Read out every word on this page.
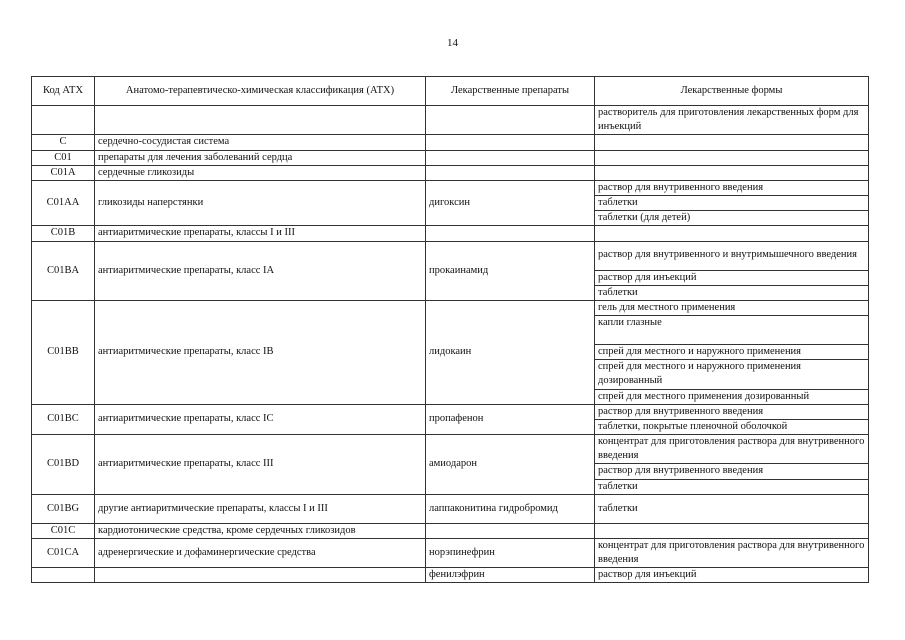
14
Код АТХ	Анатомо-терапевтическо-химическая классификация (АТХ)	Лекарственные препараты	Лекарственные формы
			растворитель для приготовления лекарственных форм для инъекций
C	сердечно-сосудистая система		
C01	препараты для лечения заболеваний сердца		
C01A	сердечные гликозиды		
C01AA	гликозиды наперстянки	дигоксин	раствор для внутривенного введения
			таблетки
			таблетки (для детей)
C01B	антиаритмические препараты, классы I и III		
C01BA	антиаритмические препараты, класс IA	прокаинамид	раствор для внутривенного и внутримышечного введения
			раствор для инъекций
			таблетки
C01BB	антиаритмические препараты, класс IB	лидокаин	гель для местного применения
			капли глазные
			спрей для местного и наружного применения
			спрей для местного и наружного применения дозированный
			спрей для местного применения дозированный
C01BC	антиаритмические препараты, класс IC	пропафенон	раствор для внутривенного введения
			таблетки, покрытые пленочной оболочкой
C01BD	антиаритмические препараты, класс III	амиодарон	концентрат для приготовления раствора для внутривенного введения
			раствор для внутривенного введения
			таблетки
C01BG	другие антиаритмические препараты, классы I и III	лаппаконитина гидробромид	таблетки
C01C	кардиотонические средства, кроме сердечных гликозидов		
C01CA	адренергические и дофаминергические средства	норэпинефрин	концентрат для приготовления раствора для внутривенного введения
		фенилэфрин	раствор для инъекций
